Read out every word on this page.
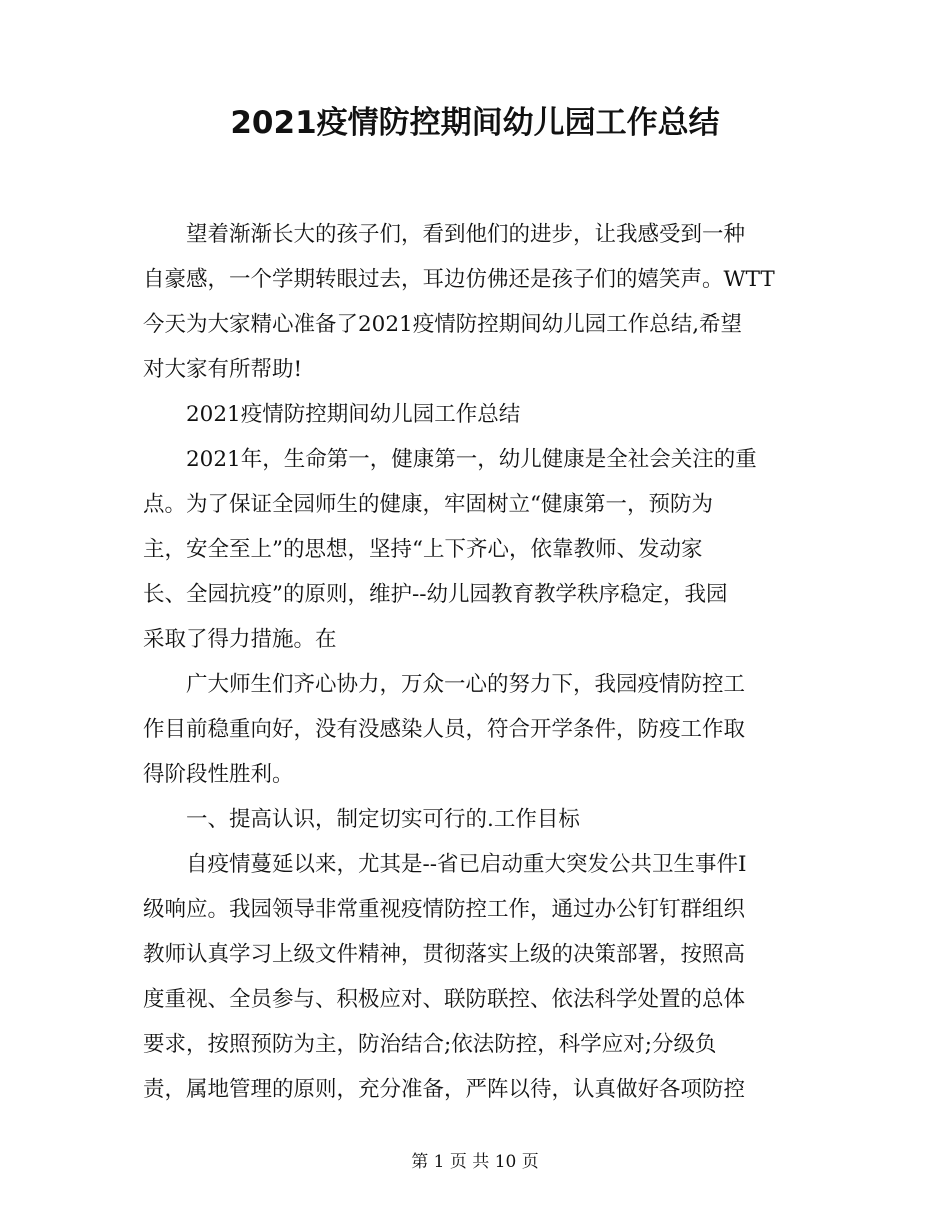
2021疫情防控期间幼儿园工作总结
望着渐渐长大的孩子们，看到他们的进步，让我感受到一种
自豪感，一个学期转眼过去，耳边仿佛还是孩子们的嬉笑声。WTT
今天为大家精心准备了2021疫情防控期间幼儿园工作总结,希望
对大家有所帮助!
2021疫情防控期间幼儿园工作总结
2021年，生命第一，健康第一，幼儿健康是全社会关注的重
点。为了保证全园师生的健康，牢固树立“健康第一，预防为
主，安全至上”的思想，坚持“上下齐心，依靠教师、发动家
长、全园抗疫”的原则，维护--幼儿园教育教学秩序稳定，我园
采取了得力措施。在
广大师生们齐心协力，万众一心的努力下，我园疫情防控工
作目前稳重向好，没有没感染人员，符合开学条件，防疫工作取
得阶段性胜利。
一、提高认识，制定切实可行的.工作目标
自疫情蔓延以来，尤其是--省已启动重大突发公共卫生事件Ⅰ
级响应。我园领导非常重视疫情防控工作，通过办公钉钉群组织
教师认真学习上级文件精神，贯彻落实上级的决策部署，按照高
度重视、全员参与、积极应对、联防联控、依法科学处置的总体
要求，按照预防为主，防治结合;依法防控，科学应对;分级负
责，属地管理的原则，充分准备，严阵以待，认真做好各项防控
第 1 页 共 10 页
